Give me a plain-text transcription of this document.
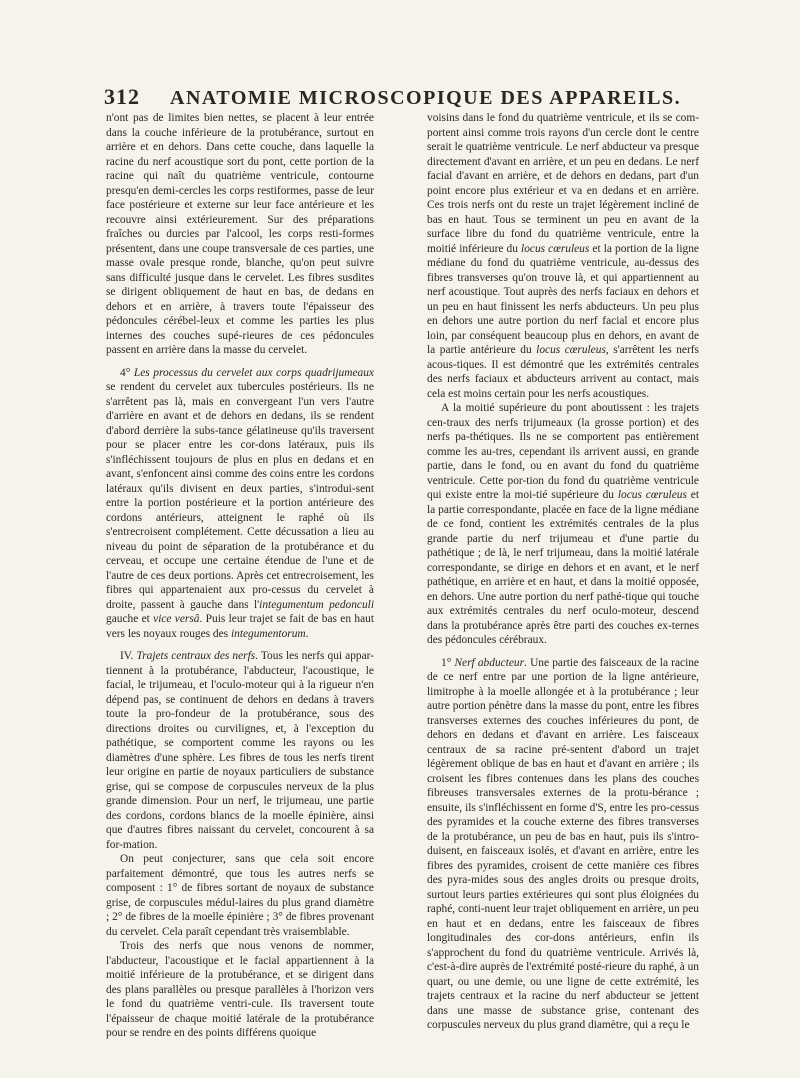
312 ANATOMIE MICROSCOPIQUE DES APPAREILS.

n'ont pas de limites bien nettes, se placent à leur entrée dans la couche inférieure de la protubérance, surtout en arrière et en dehors. Dans cette couche, dans laquelle la racine du nerf acoustique sort du pont, cette portion de la racine qui naît du quatrième ventricule, contourne presqu'en demi-cercles les corps restiformes, passe de leur face postérieure et externe sur leur face antérieure et les recouvre ainsi extérieurement. Sur des préparations fraîches ou durcies par l'alcool, les corps resti-formes présentent, dans une coupe transversale de ces parties, une masse ovale presque ronde, blanche, qu'on peut suivre sans difficulté jusque dans le cervelet. Les fibres susdites se dirigent obliquement de haut en bas, de dedans en dehors et en arrière, à travers toute l'épaisseur des pédoncules cérébel-leux et comme les parties les plus internes des couches supé-rieures de ces pédoncules passent en arrière dans la masse du cervelet.

4° Les processus du cervelet aux corps quadrijumeaux se rendent du cervelet aux tubercules postérieurs. Ils ne s'arrêtent pas là, mais en convergeant l'un vers l'autre d'arrière en avant et de dehors en dedans, ils se rendent d'abord derrière la subs-tance gélatineuse qu'ils traversent pour se placer entre les cor-dons latéraux, puis ils s'infléchissent toujours de plus en plus en dedans et en avant, s'enfoncent ainsi comme des coins entre les cordons latéraux qu'ils divisent en deux parties, s'introdui-sent entre la portion postérieure et la portion antérieure des cordons antérieurs, atteignent le raphé où ils s'entrecroisent complétement. Cette décussation a lieu au niveau du point de séparation de la protubérance et du cerveau, et occupe une certaine étendue de l'une et de l'autre de ces deux portions. Après cet entrecroisement, les fibres qui appartenaient aux pro-cessus du cervelet à droite, passent à gauche dans l'integumentum pedonculi gauche et vice versâ. Puis leur trajet se fait de bas en haut vers les noyaux rouges des integumentorum.

IV. Trajets centraux des nerfs. Tous les nerfs qui appar-tiennent à la protubérance, l'abducteur, l'acoustique, le facial, le trijumeau, et l'oculo-moteur qui à la rigueur n'en dépend pas, se continuent de dehors en dedans à travers toute la pro-fondeur de la protubérance, sous des directions droites ou curvilignes, et, à l'exception du pathétique, se comportent comme les rayons ou les diamètres d'une sphère. Les fibres de tous les nerfs tirent leur origine en partie de noyaux particuliers de substance grise, qui se compose de corpuscules nerveux de la plus grande dimension. Pour un nerf, le trijumeau, une partie des cordons, cordons blancs de la moelle épinière, ainsi que d'autres fibres naissant du cervelet, concourent à sa for-mation.

On peut conjecturer, sans que cela soit encore parfaitement démontré, que tous les autres nerfs se composent : 1° de fibres sortant de noyaux de substance grise, de corpuscules médul-laires du plus grand diamètre ; 2° de fibres de la moelle épinière ; 3° de fibres provenant du cervelet. Cela paraît cependant très vraisemblable.

Trois des nerfs que nous venons de nommer, l'abducteur, l'acoustique et le facial appartiennent à la moitié inférieure de la protubérance, et se dirigent dans des plans parallèles ou presque parallèles à l'horizon vers le fond du quatrième ventri-cule. Ils traversent toute l'épaisseur de chaque moitié latérale de la protubérance pour se rendre en des points différens quoique

voisins dans le fond du quatrième ventricule, et ils se com-portent ainsi comme trois rayons d'un cercle dont le centre serait le quatrième ventricule. Le nerf abducteur va presque directement d'avant en arrière, et un peu en dedans. Le nerf facial d'avant en arrière, et de dehors en dedans, part d'un point encore plus extérieur et va en dedans et en arrière. Ces trois nerfs ont du reste un trajet légèrement incliné de bas en haut. Tous se terminent un peu en avant de la surface libre du fond du quatrième ventricule, entre la moitié inférieure du locus cœruleus et la portion de la ligne médiane du fond du quatrième ventricule, au-dessus des fibres transverses qu'on trouve là, et qui appartiennent au nerf acoustique. Tout auprès des nerfs faciaux en dehors et un peu en haut finissent les nerfs abducteurs. Un peu plus en dehors une autre portion du nerf facial et encore plus loin, par conséquent beaucoup plus en dehors, en avant de la partie antérieure du locus cœruleus, s'arrêtent les nerfs acous-tiques. Il est démontré que les extrémités centrales des nerfs faciaux et abducteurs arrivent au contact, mais cela est moins certain pour les nerfs acoustiques.

A la moitié supérieure du pont aboutissent : les trajets cen-traux des nerfs trijumeaux (la grosse portion) et des nerfs pa-thétiques. Ils ne se comportent pas entièrement comme les au-tres, cependant ils arrivent aussi, en grande partie, dans le fond, ou en avant du fond du quatrième ventricule. Cette por-tion du fond du quatrième ventricule qui existe entre la moi-tié supérieure du locus cœruleus et la partie correspondante, placée en face de la ligne médiane de ce fond, contient les extrémités centrales de la plus grande partie du nerf trijumeau et d'une partie du pathétique ; de là, le nerf trijumeau, dans la moitié latérale correspondante, se dirige en dehors et en avant, et le nerf pathétique, en arrière et en haut, et dans la moitié opposée, en dehors. Une autre portion du nerf pathé-tique qui touche aux extrémités centrales du nerf oculo-moteur, descend dans la protubérance après être parti des couches ex-ternes des pédoncules cérébraux.

1° Nerf abducteur. Une partie des faisceaux de la racine de ce nerf entre par une portion de la ligne antérieure, limitrophe à la moelle allongée et à la protubérance ; leur autre portion pénètre dans la masse du pont, entre les fibres transverses externes des couches inférieures du pont, de dehors en dedans et d'avant en arrière. Les faisceaux centraux de sa racine pré-sentent d'abord un trajet légèrement oblique de bas en haut et d'avant en arrière ; ils croisent les fibres contenues dans les plans des couches fibreuses transversales externes de la protu-bérance ; ensuite, ils s'infléchissent en forme d'S, entre les pro-cessus des pyramides et la couche externe des fibres transverses de la protubérance, un peu de bas en haut, puis ils s'intro-duisent, en faisceaux isolés, et d'avant en arrière, entre les fibres des pyramides, croisent de cette manière ces fibres des pyra-mides sous des angles droits ou presque droits, surtout leurs parties extérieures qui sont plus éloignées du raphé, conti-nuent leur trajet obliquement en arrière, un peu en haut et en dedans, entre les faisceaux de fibres longitudinales des cor-dons antérieurs, enfin ils s'approchent du fond du quatrième ventricule. Arrivés là, c'est-à-dire auprès de l'extrémité posté-rieure du raphé, à un quart, ou une demie, ou une ligne de cette extrémité, les trajets centraux et la racine du nerf abducteur se jettent dans une masse de substance grise, contenant des corpuscules nerveux du plus grand diamètre, qui a reçu le
